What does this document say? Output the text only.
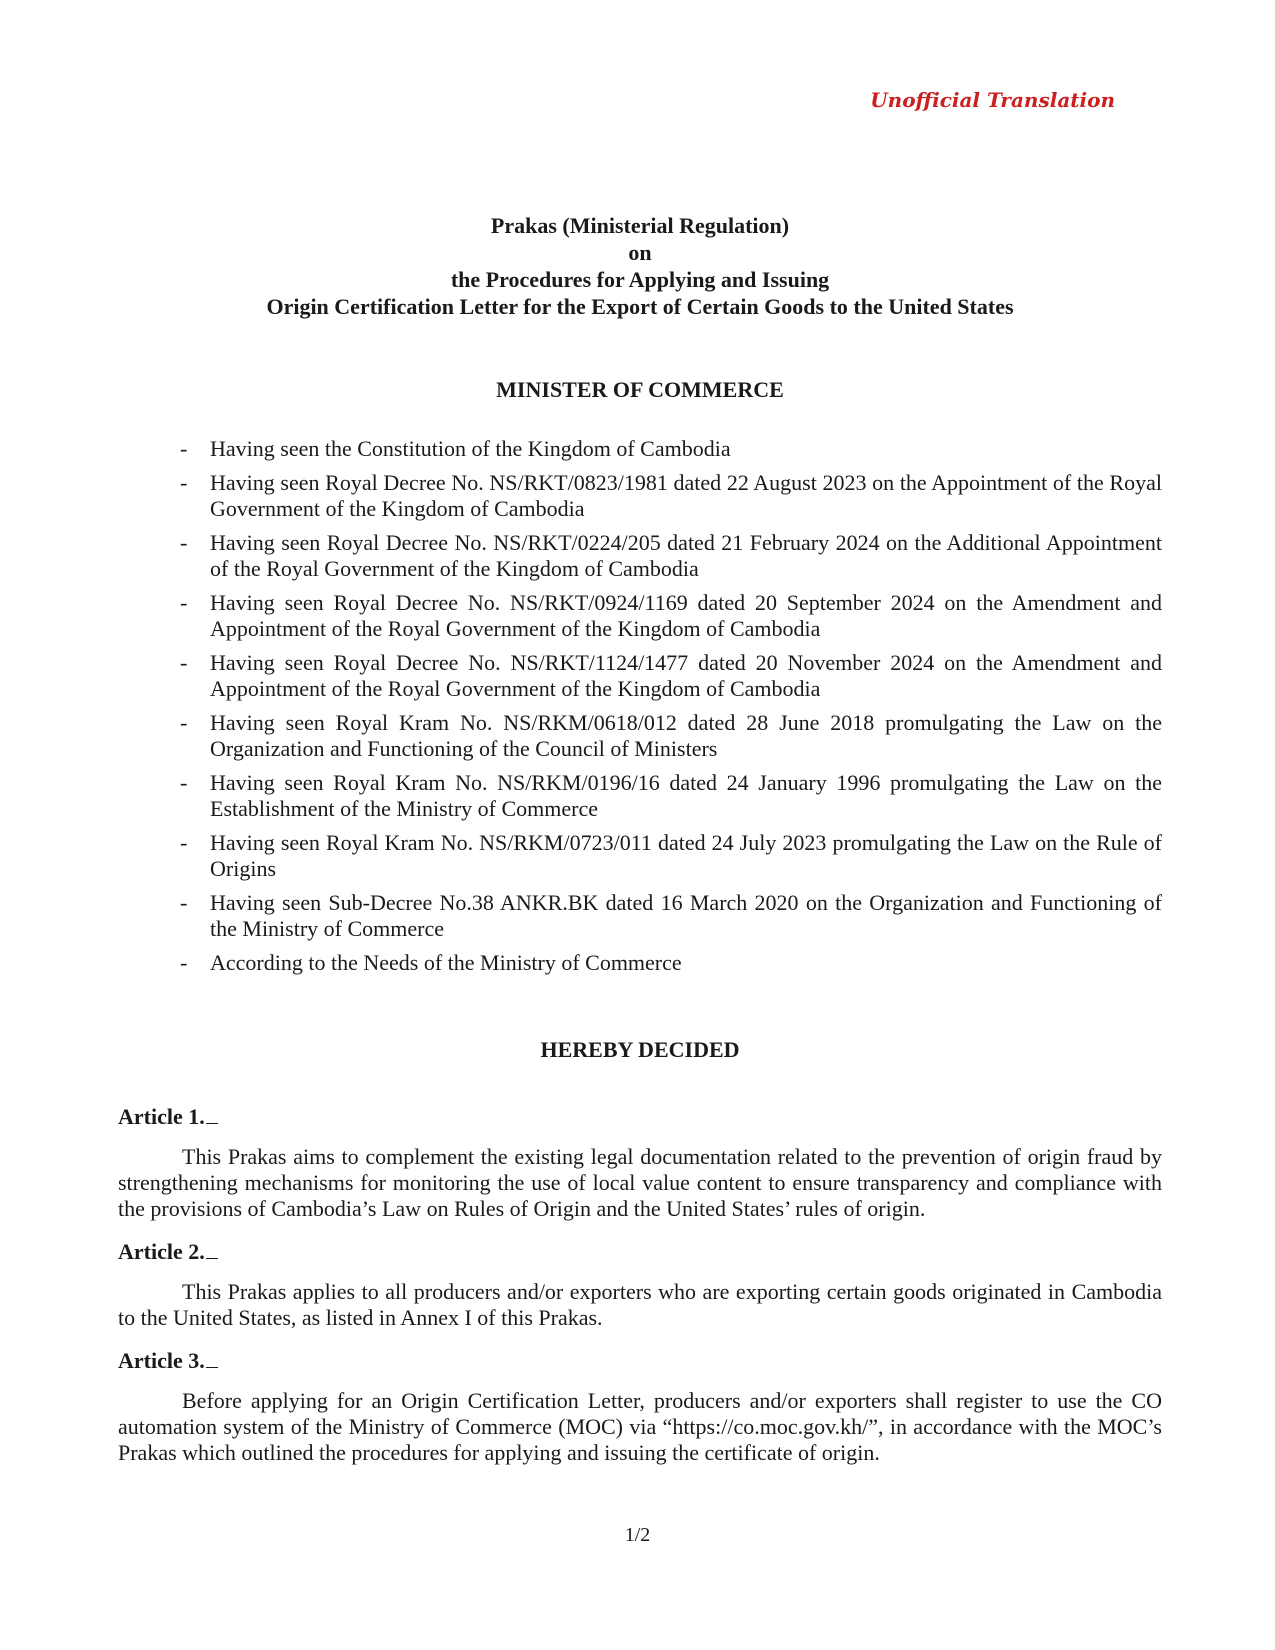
Unofficial Translation
Prakas (Ministerial Regulation)
on
the Procedures for Applying and Issuing
Origin Certification Letter for the Export of Certain Goods to the United States
MINISTER OF COMMERCE
- Having seen the Constitution of the Kingdom of Cambodia
- Having seen Royal Decree No. NS/RKT/0823/1981 dated 22 August 2023 on the Appointment of the Royal Government of the Kingdom of Cambodia
- Having seen Royal Decree No. NS/RKT/0224/205 dated 21 February 2024 on the Additional Appointment of the Royal Government of the Kingdom of Cambodia
- Having seen Royal Decree No. NS/RKT/0924/1169 dated 20 September 2024 on the Amendment and Appointment of the Royal Government of the Kingdom of Cambodia
- Having seen Royal Decree No. NS/RKT/1124/1477 dated 20 November 2024 on the Amendment and Appointment of the Royal Government of the Kingdom of Cambodia
- Having seen Royal Kram No. NS/RKM/0618/012 dated 28 June 2018 promulgating the Law on the Organization and Functioning of the Council of Ministers
- Having seen Royal Kram No. NS/RKM/0196/16 dated 24 January 1996 promulgating the Law on the Establishment of the Ministry of Commerce
- Having seen Royal Kram No. NS/RKM/0723/011 dated 24 July 2023 promulgating the Law on the Rule of Origins
- Having seen Sub-Decree No.38 ANKR.BK dated 16 March 2020 on the Organization and Functioning of the Ministry of Commerce
- According to the Needs of the Ministry of Commerce
HEREBY DECIDED
Article 1.

This Prakas aims to complement the existing legal documentation related to the prevention of origin fraud by strengthening mechanisms for monitoring the use of local value content to ensure transparency and compliance with the provisions of Cambodia’s Law on Rules of Origin and the United States’ rules of origin.

Article 2.

This Prakas applies to all producers and/or exporters who are exporting certain goods originated in Cambodia to the United States, as listed in Annex I of this Prakas.

Article 3.

Before applying for an Origin Certification Letter, producers and/or exporters shall register to use the CO automation system of the Ministry of Commerce (MOC) via “https://co.moc.gov.kh/”, in accordance with the MOC’s Prakas which outlined the procedures for applying and issuing the certificate of origin.

1/2
